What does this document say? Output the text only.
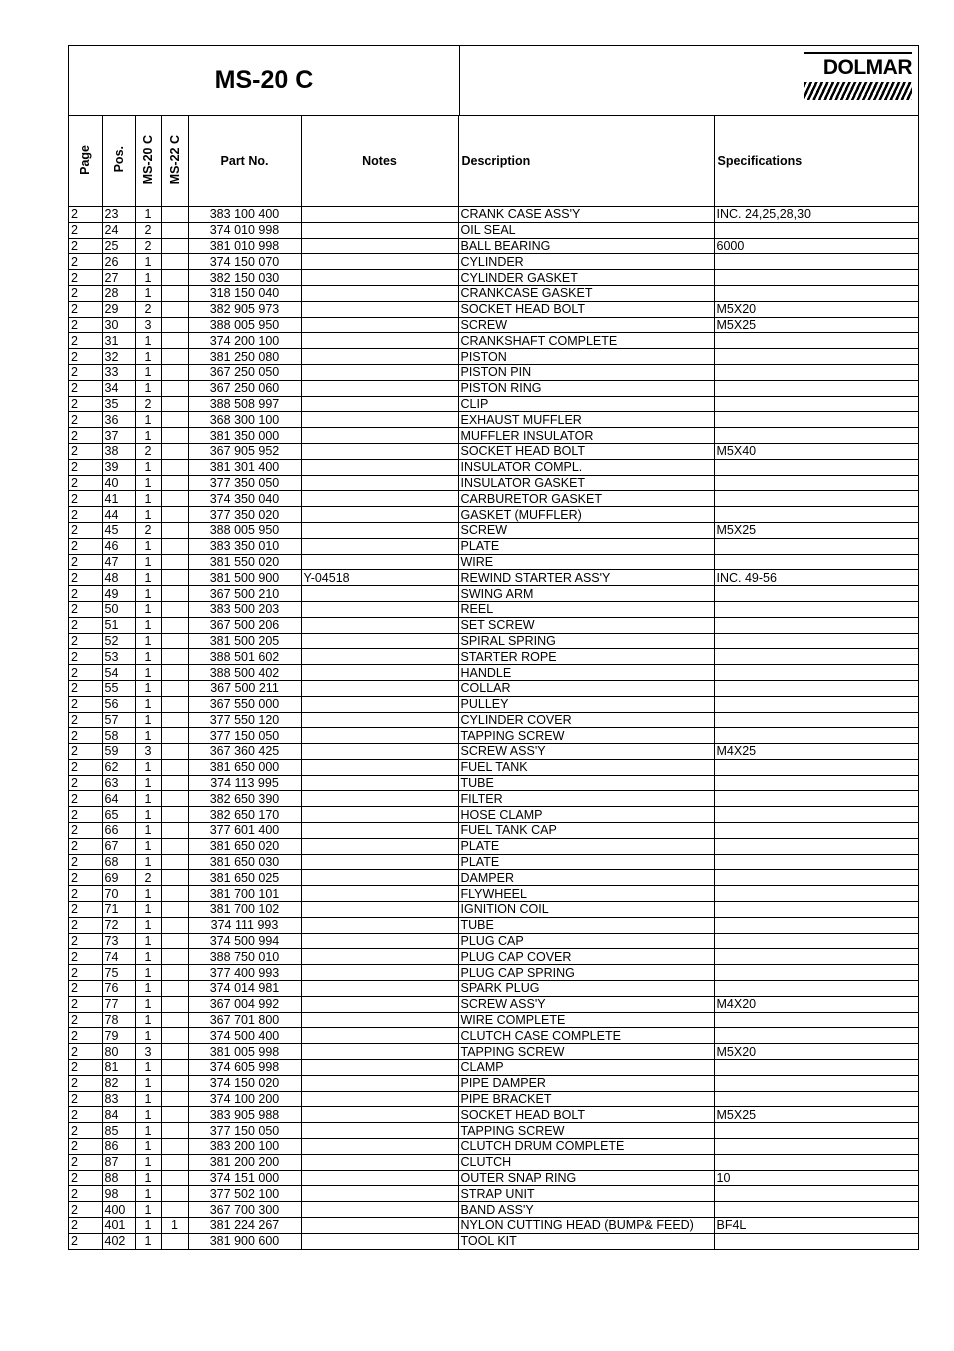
MS-20 C	DOLMAR
Page	Pos.	MS-20 C	MS-22 C	Part No.	Notes	Description	Specifications
2	23	1		383 100 400		CRANK CASE ASS'Y	INC. 24,25,28,30
2	24	2		374 010 998		OIL SEAL	
2	25	2		381 010 998		BALL BEARING	6000
2	26	1		374 150 070		CYLINDER	
2	27	1		382 150 030		CYLINDER GASKET	
2	28	1		318 150 040		CRANKCASE GASKET	
2	29	2		382 905 973		SOCKET HEAD BOLT	M5X20
2	30	3		388 005 950		SCREW	M5X25
2	31	1		374 200 100		CRANKSHAFT COMPLETE	
2	32	1		381 250 080		PISTON	
2	33	1		367 250 050		PISTON PIN	
2	34	1		367 250 060		PISTON RING	
2	35	2		388 508 997		CLIP	
2	36	1		368 300 100		EXHAUST MUFFLER	
2	37	1		381 350 000		MUFFLER INSULATOR	
2	38	2		367 905 952		SOCKET HEAD BOLT	M5X40
2	39	1		381 301 400		INSULATOR COMPL.	
2	40	1		377 350 050		INSULATOR GASKET	
2	41	1		374 350 040		CARBURETOR GASKET	
2	44	1		377 350 020		GASKET (MUFFLER)	
2	45	2		388 005 950		SCREW	M5X25
2	46	1		383 350 010		PLATE	
2	47	1		381 550 020		WIRE	
2	48	1		381 500 900	Y-04518	REWIND STARTER ASS'Y	INC. 49-56
2	49	1		367 500 210		SWING ARM	
2	50	1		383 500 203		REEL	
2	51	1		367 500 206		SET SCREW	
2	52	1		381 500 205		SPIRAL SPRING	
2	53	1		388 501 602		STARTER ROPE	
2	54	1		388 500 402		HANDLE	
2	55	1		367 500 211		COLLAR	
2	56	1		367 550 000		PULLEY	
2	57	1		377 550 120		CYLINDER COVER	
2	58	1		377 150 050		TAPPING SCREW	
2	59	3		367 360 425		SCREW ASS'Y	M4X25
2	62	1		381 650 000		FUEL TANK	
2	63	1		374 113 995		TUBE	
2	64	1		382 650 390		FILTER	
2	65	1		382 650 170		HOSE CLAMP	
2	66	1		377 601 400		FUEL TANK CAP	
2	67	1		381 650 020		PLATE	
2	68	1		381 650 030		PLATE	
2	69	2		381 650 025		DAMPER	
2	70	1		381 700 101		FLYWHEEL	
2	71	1		381 700 102		IGNITION COIL	
2	72	1		374 111 993		TUBE	
2	73	1		374 500 994		PLUG CAP	
2	74	1		388 750 010		PLUG CAP COVER	
2	75	1		377 400 993		PLUG CAP SPRING	
2	76	1		374 014 981		SPARK PLUG	
2	77	1		367 004 992		SCREW ASS'Y	M4X20
2	78	1		367 701 800		WIRE COMPLETE	
2	79	1		374 500 400		CLUTCH CASE COMPLETE	
2	80	3		381 005 998		TAPPING SCREW	M5X20
2	81	1		374 605 998		CLAMP	
2	82	1		374 150 020		PIPE DAMPER	
2	83	1		374 100 200		PIPE BRACKET	
2	84	1		383 905 988		SOCKET HEAD BOLT	M5X25
2	85	1		377 150 050		TAPPING SCREW	
2	86	1		383 200 100		CLUTCH DRUM COMPLETE	
2	87	1		381 200 200		CLUTCH	
2	88	1		374 151 000		OUTER SNAP RING	10
2	98	1		377 502 100		STRAP UNIT	
2	400	1		367 700 300		BAND ASS'Y	
2	401	1	1	381 224 267		NYLON CUTTING HEAD (BUMP& FEED)	BF4L
2	402	1		381 900 600		TOOL KIT	
